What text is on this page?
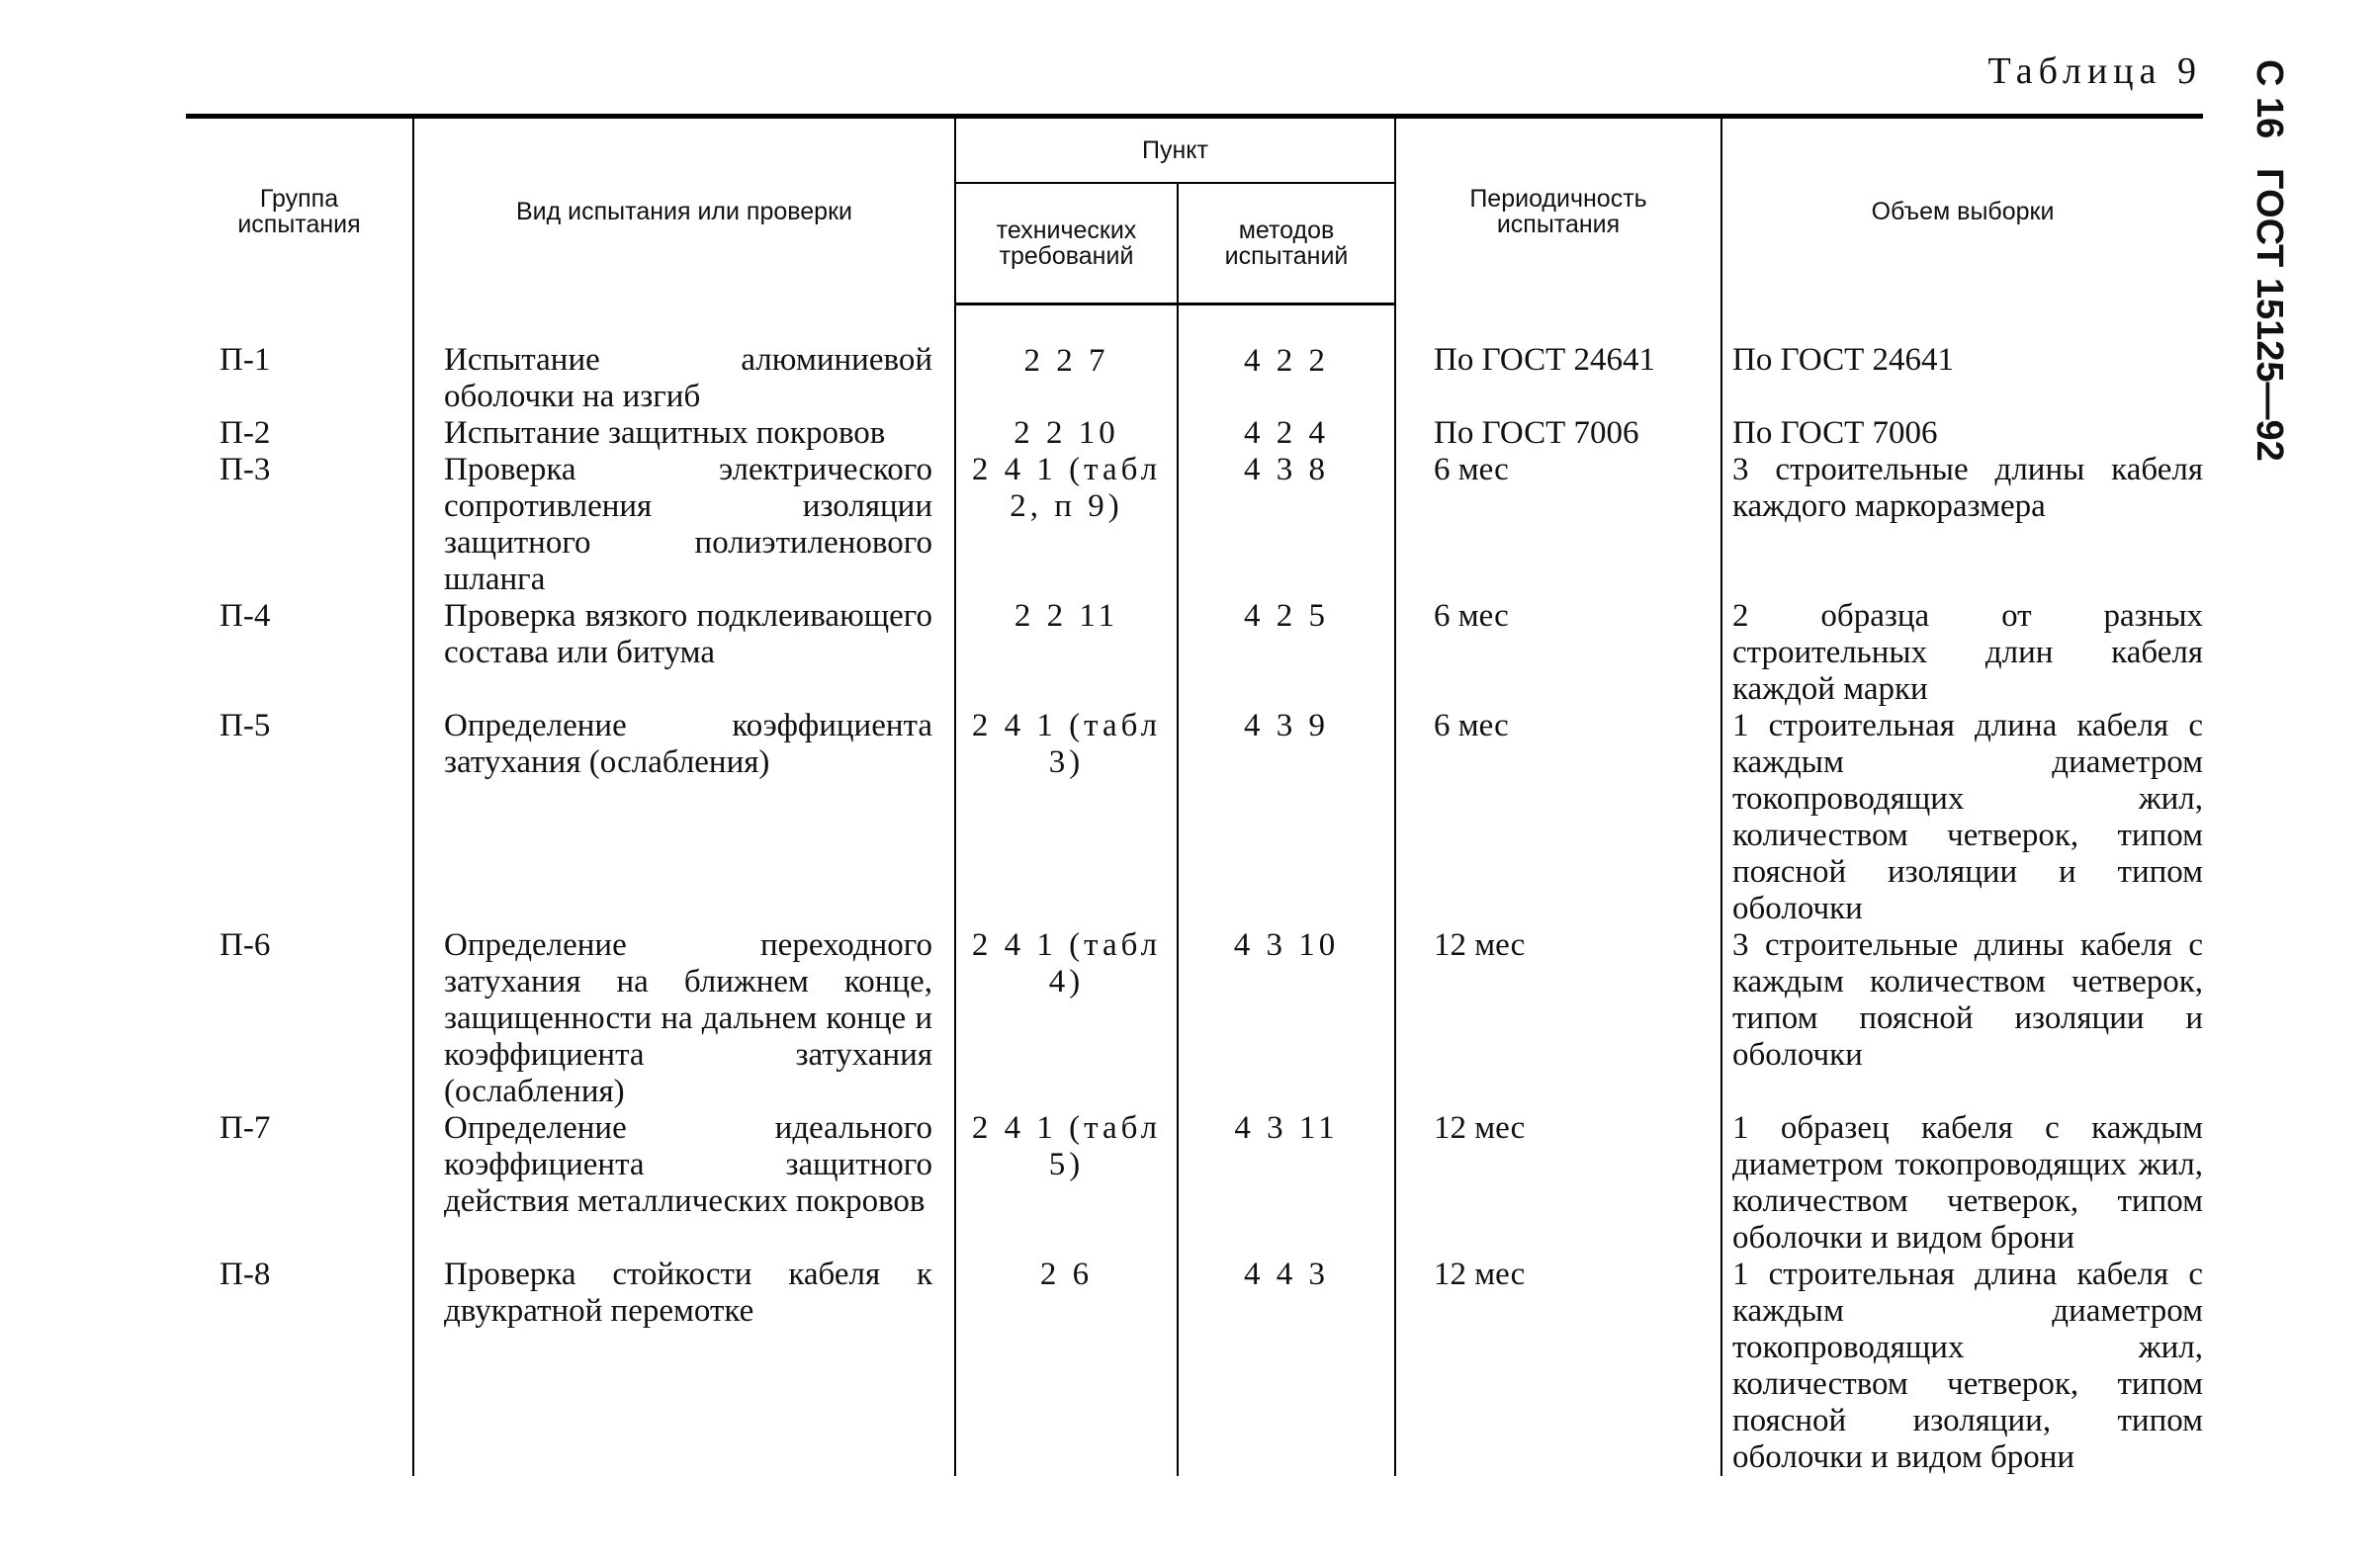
Таблица 9 С 16ГОСТ 15125—92
Группа испытания	Вид испытания или проверки	Пункт		Периодичность испытания	Объем выборки
		технических требований	методов испытаний		
П-1	Испытание алюминиевой оболочки на изгиб	2 2 7	4 2 2	По ГОСТ 24641	По ГОСТ 24641
П-2	Испытание защитных покровов	2 2 10	4 2 4	По ГОСТ 7006	По ГОСТ 7006
П-3	Проверка электрического сопротивления изоляции защитного полиэтиленового шланга	2 4 1 (табл 2, п 9)	4 3 8	6 мес	3 строительные длины кабеля каждого маркоразмера
П-4	Проверка вязкого подклеивающего состава или битума	2 2 11	4 2 5	6 мес	2 образца от разных строительных длин кабеля каждой марки
П-5	Определение коэффициента затухания (ослабления)	2 4 1 (табл 3)	4 3 9	6 мес	1 строительная длина кабеля с каждым диаметром токопроводящих жил, количеством четверок, типом поясной изоляции и типом оболочки
П-6	Определение переходного затухания на ближнем конце, защищенности на дальнем конце и коэффициента затухания (ослабления)	2 4 1 (табл 4)	4 3 10	12 мес	3 строительные длины кабеля с каждым количеством четверок, типом поясной изоляции и оболочки
П-7	Определение идеального коэффициента защитного действия металлических покровов	2 4 1 (табл 5)	4 3 11	12 мес	1 образец кабеля с каждым диаметром токопроводящих жил, количеством четверок, типом оболочки и видом брони
П-8	Проверка стойкости кабеля к двукратной перемотке	2 6	4 4 3	12 мес	1 строительная длина кабеля с каждым диаметром токопроводящих жил, количеством четверок, типом поясной изоляции, типом оболочки и видом брони
